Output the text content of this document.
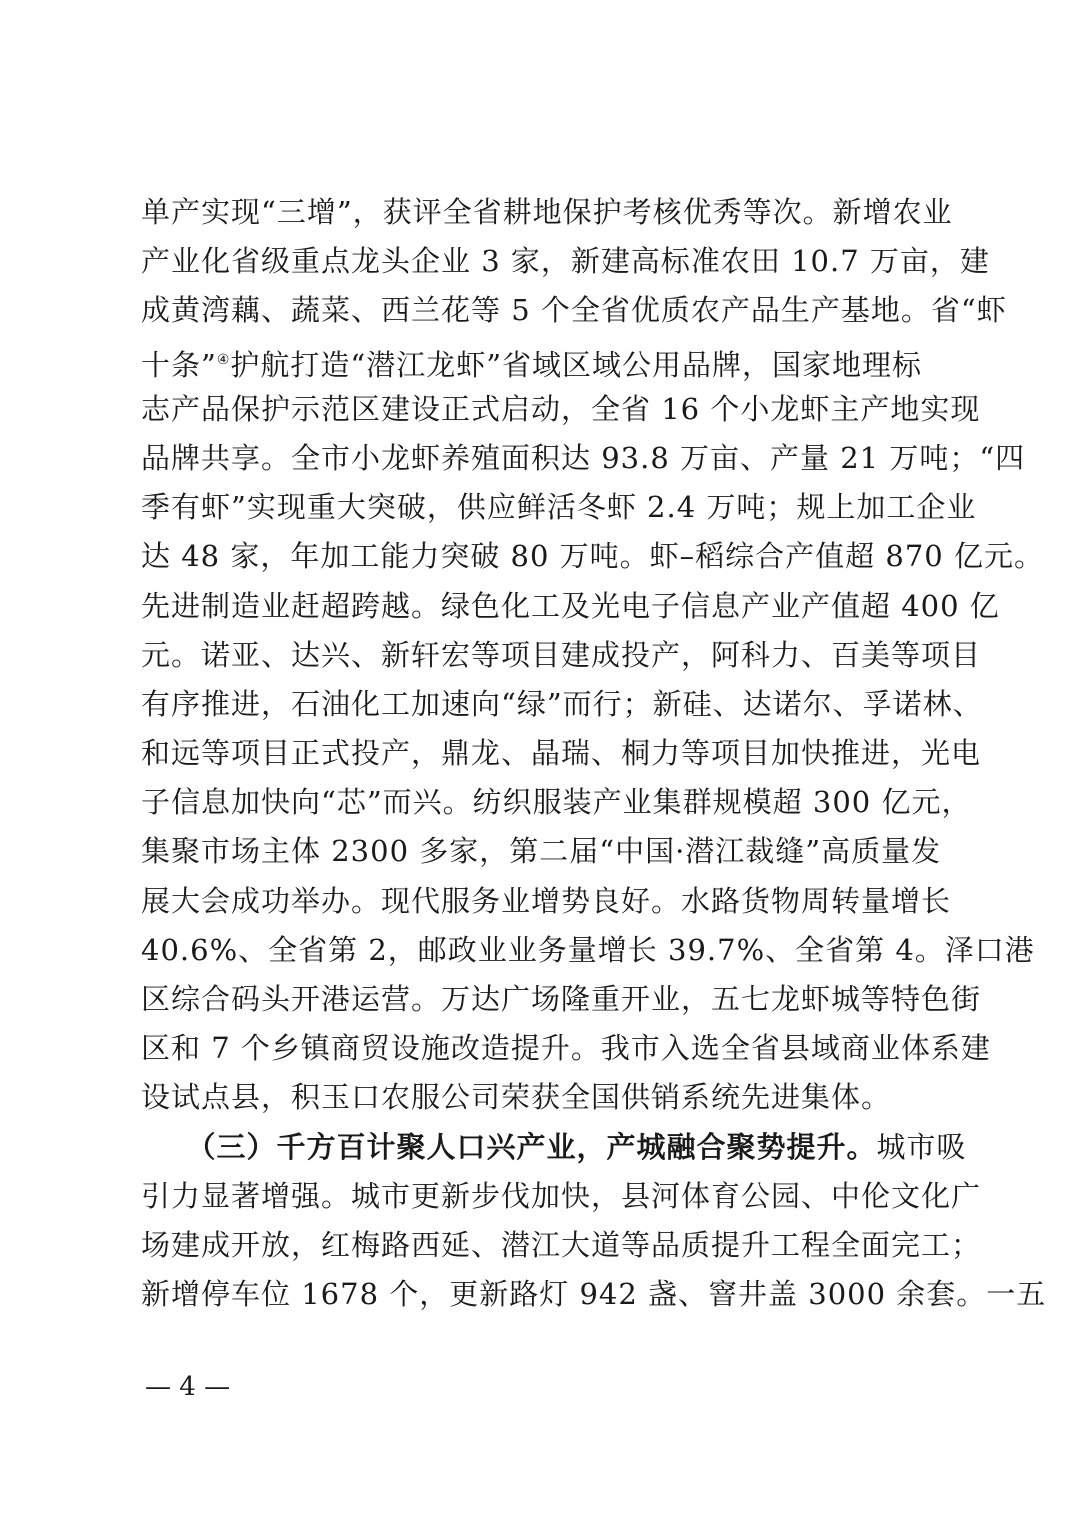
单产实现“三增”，获评全省耕地保护考核优秀等次。新增农业
产业化省级重点龙头企业 3 家，新建高标准农田 10.7 万亩，建
成黄湾藕、蔬菜、西兰花等 5 个全省优质农产品生产基地。省“虾
十条”④护航打造“潜江龙虾”省域区域公用品牌，国家地理标
志产品保护示范区建设正式启动，全省 16 个小龙虾主产地实现
品牌共享。全市小龙虾养殖面积达 93.8 万亩、产量 21 万吨；“四
季有虾”实现重大突破，供应鲜活冬虾 2.4 万吨；规上加工企业
达 48 家，年加工能力突破 80 万吨。虾–稻综合产值超 870 亿元。
先进制造业赶超跨越。绿色化工及光电子信息产业产值超 400 亿
元。诺亚、达兴、新轩宏等项目建成投产，阿科力、百美等项目
有序推进，石油化工加速向“绿”而行；新硅、达诺尔、孚诺林、
和远等项目正式投产，鼎龙、晶瑞、桐力等项目加快推进，光电
子信息加快向“芯”而兴。纺织服装产业集群规模超 300 亿元，
集聚市场主体 2300 多家，第二届“中国·潜江裁缝”高质量发
展大会成功举办。现代服务业增势良好。水路货物周转量增长
40.6%、全省第 2，邮政业业务量增长 39.7%、全省第 4。泽口港
区综合码头开港运营。万达广场隆重开业，五七龙虾城等特色街
区和 7 个乡镇商贸设施改造提升。我市入选全省县域商业体系建
设试点县，积玉口农服公司荣获全国供销系统先进集体。
　　（三）千方百计聚人口兴产业，产城融合聚势提升。城市吸
引力显著增强。城市更新步伐加快，县河体育公园、中伦文化广
场建成开放，红梅路西延、潜江大道等品质提升工程全面完工；
新增停车位 1678 个，更新路灯 942 盏、窨井盖 3000 余套。一五
— 4 —
